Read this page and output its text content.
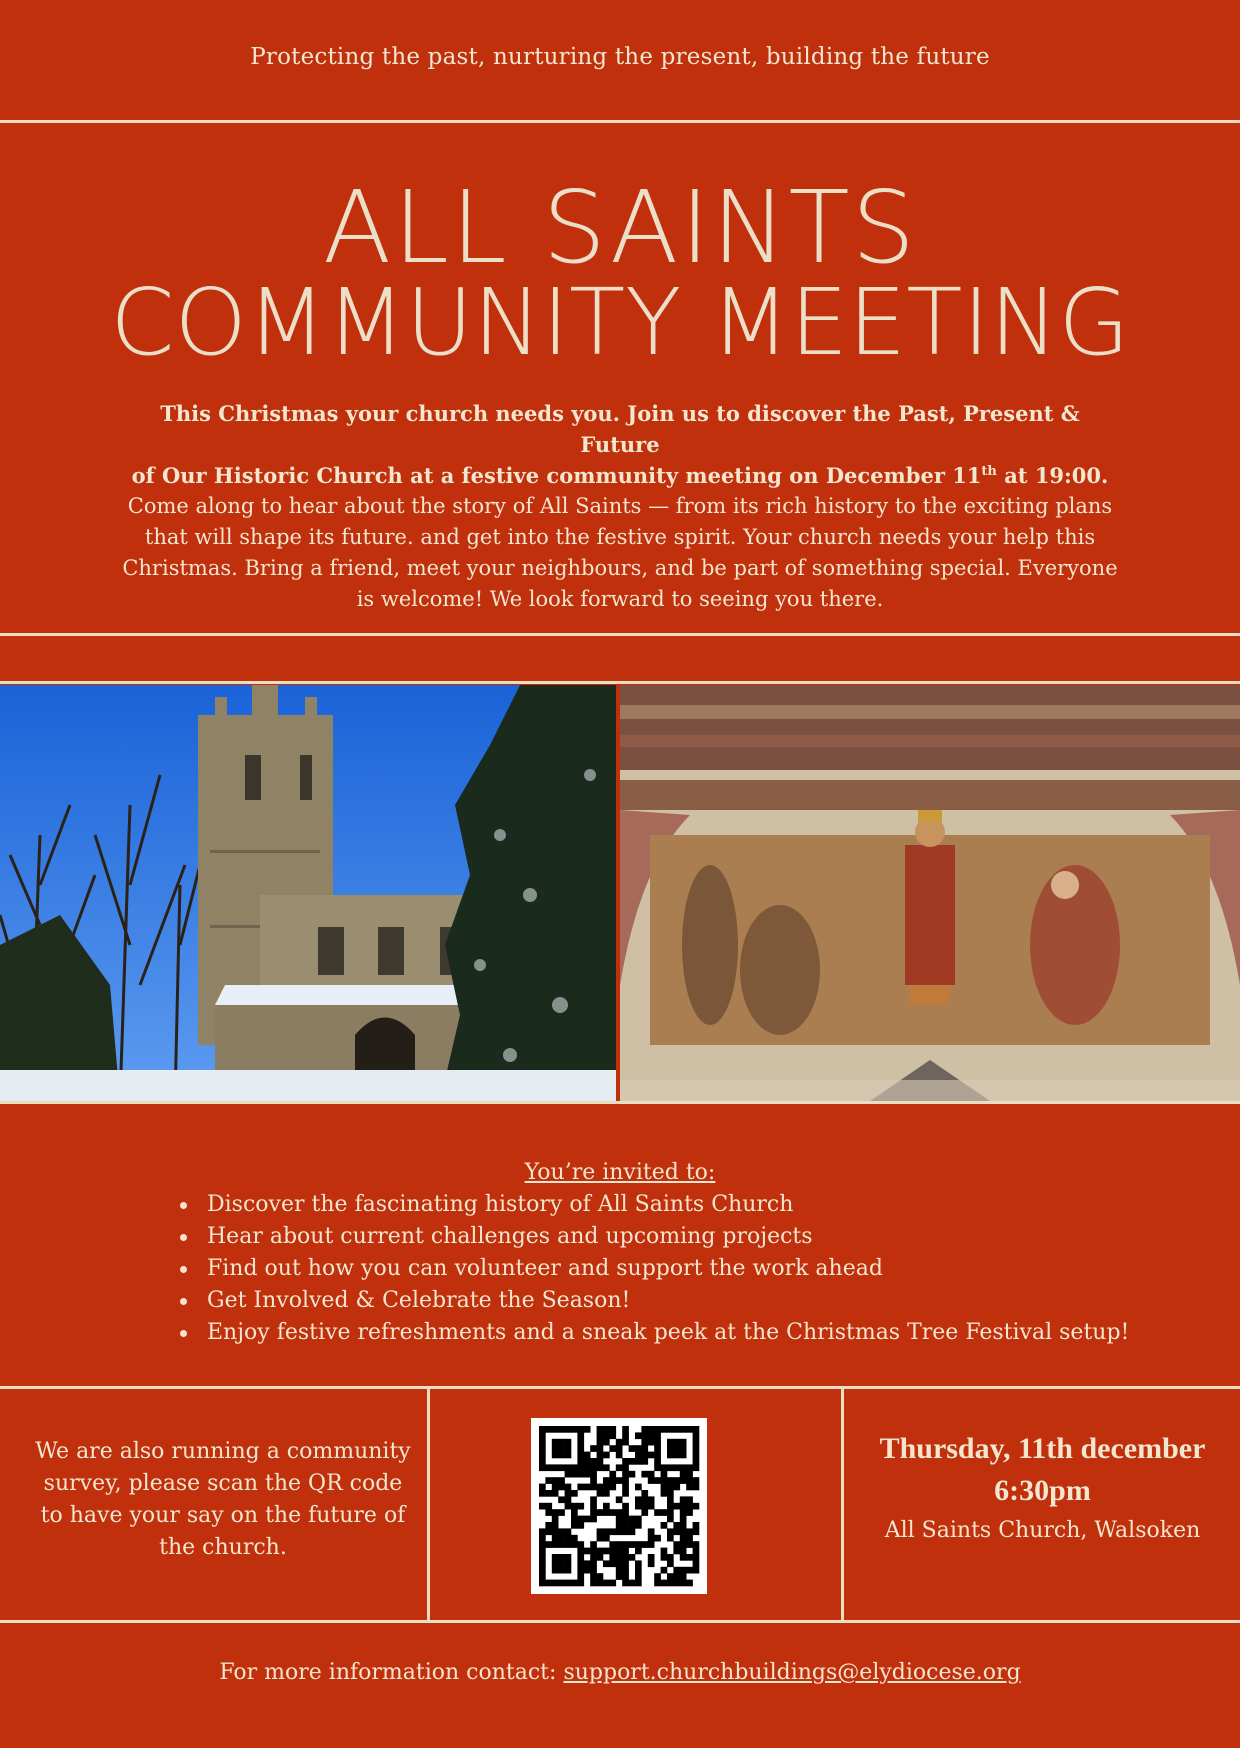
Protecting the past, nurturing the present, building the future
ALL SAINTS
COMMUNITY MEETING
This Christmas your church needs you. Join us to discover the Past, Present & Future
of Our Historic Church at a festive community meeting on December 11th at 19:00.
Come along to hear about the story of All Saints — from its rich history to the exciting plans that will shape its future. and get into the festive spirit. Your church needs your help this Christmas. Bring a friend, meet your neighbours, and be part of something special. Everyone is welcome! We look forward to seeing you there.
You’re invited to:
Discover the fascinating history of All Saints Church
Hear about current challenges and upcoming projects
Find out how you can volunteer and support the work ahead
Get Involved & Celebrate the Season!
Enjoy festive refreshments and a sneak peek at the Christmas Tree Festival setup!
We are also running a community survey, please scan the QR code to have your say on the future of the church.
Thursday, 11th december
6:30pm
All Saints Church, Walsoken
For more information contact: support.churchbuildings@elydiocese.org
